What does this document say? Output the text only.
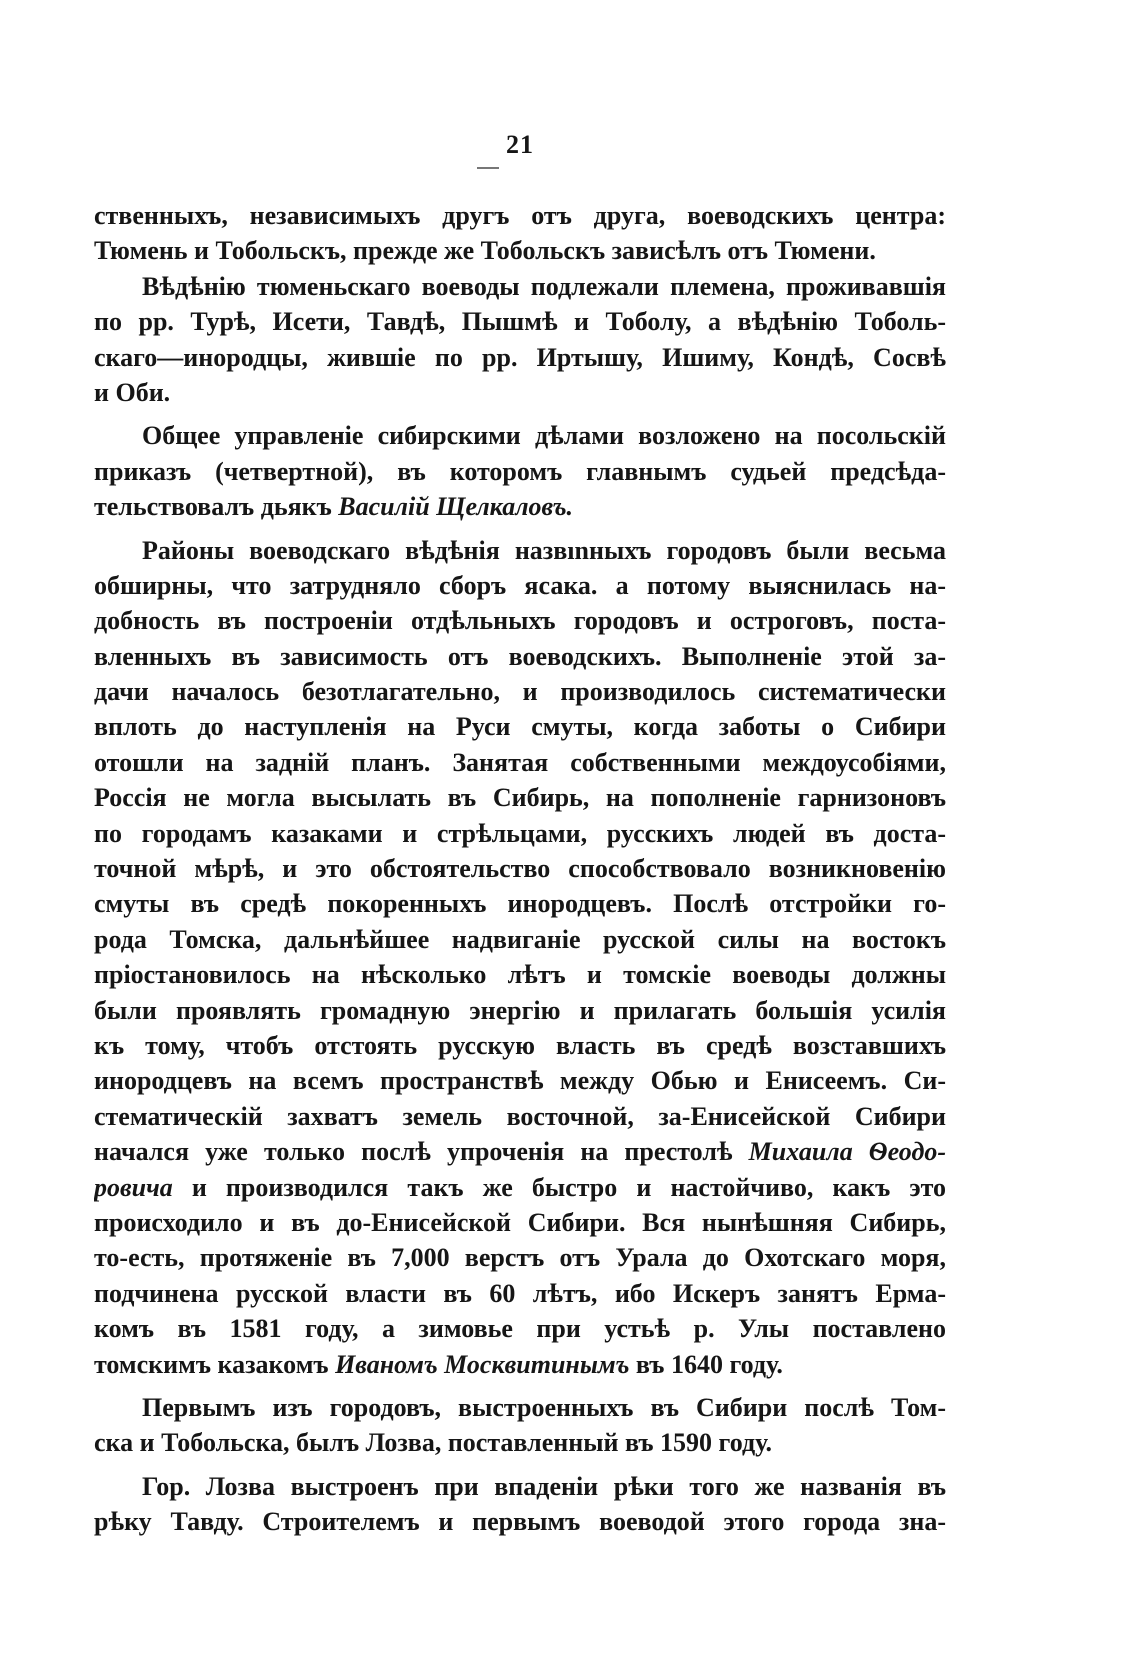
21
ственныхъ, независимыхъ другъ отъ друга, воеводскихъ центра:
Тюмень и Тобольскъ, прежде же Тобольскъ зависѣлъ отъ Тюмени.
Вѣдѣнію тюменьскаго воеводы подлежали племена, проживавшія
по рр. Турѣ, Исети, Тавдѣ, Пышмѣ и Тоболу, а вѣдѣнію Тоболь-
скаго—инородцы, жившіе по рр. Иртышу, Ишиму, Кондѣ, Сосвѣ
и Оби.
Общее управленіе сибирскими дѣлами возложено на посольскій
приказъ (четвертной), въ которомъ главнымъ судьей предсѣда-
тельствовалъ дьякъ Василій Щелкаловъ.
Районы воеводскаго вѣдѣнія назвınныхъ городовъ были весьма
обширны, что затрудняло сборъ ясака. а потому выяснилась на-
добность въ построеніи отдѣльныхъ городовъ и остроговъ, поста-
вленныхъ въ зависимость отъ воеводскихъ. Выполненіе этой за-
дачи началось безотлагательно, и производилось систематически
вплоть до наступленія на Руси смуты, когда заботы о Сибири
отошли на задній планъ. Занятая собственными междоусобіями,
Россія не могла высылать въ Сибирь, на пополненіе гарнизоновъ
по городамъ казаками и стрѣльцами, русскихъ людей въ доста-
точной мѣрѣ, и это обстоятельство способствовало возникновенію
смуты въ средѣ покоренныхъ инородцевъ. Послѣ отстройки го-
рода Томска, дальнѣйшее надвиганіе русской силы на востокъ
пріостановилось на нѣсколько лѣтъ и томскіе воеводы должны
были проявлять громадную энергію и прилагать большія усилія
къ тому, чтобъ отстоять русскую власть въ средѣ возставшихъ
инородцевъ на всемъ пространствѣ между Обью и Енисеемъ. Си-
стематическій захватъ земель восточной, за-Енисейской Сибири
начался уже только послѣ упроченія на престолѣ Михаила Ѳеодо-
ровича и производился такъ же быстро и настойчиво, какъ это
происходило и въ до-Енисейской Сибири. Вся нынѣшняя Сибирь,
то-есть, протяженіе въ 7,000 верстъ отъ Урала до Охотскаго моря,
подчинена русской власти въ 60 лѣтъ, ибо Искеръ занятъ Ерма-
комъ въ 1581 году, а зимовье при устьѣ р. Улы поставлено
томскимъ казакомъ Иваномъ Москвитинымъ въ 1640 году.
Первымъ изъ городовъ, выстроенныхъ въ Сибири послѣ Том-
ска и Тобольска, былъ Лозва, поставленный въ 1590 году.
Гор. Лозва выстроенъ при впаденіи рѣки того же названія въ
рѣку Тавду. Строителемъ и первымъ воеводой этого города зна-
